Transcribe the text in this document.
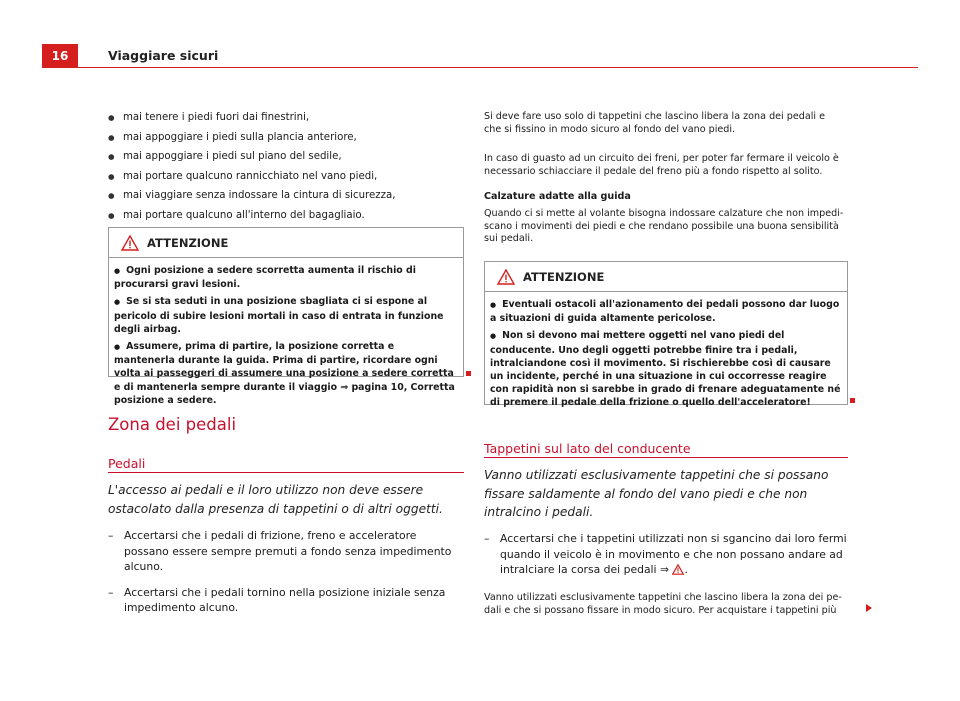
16	Viaggiare sicuri
● mai tenere i piedi fuori dai finestrini,
● mai appoggiare i piedi sulla plancia anteriore,
● mai appoggiare i piedi sul piano del sedile,
● mai portare qualcuno rannicchiato nel vano piedi,
● mai viaggiare senza indossare la cintura di sicurezza,
● mai portare qualcuno all'interno del bagagliaio.
ATTENZIONE
● Ogni posizione a sedere scorretta aumenta il rischio di procurarsi gravi lesioni.
● Se si sta seduti in una posizione sbagliata ci si espone al pericolo di subire lesioni mortali in caso di entrata in funzione degli airbag.
● Assumere, prima di partire, la posizione corretta e mantenerla durante la guida. Prima di partire, ricordare ogni volta ai passeggeri di assumere una posizione a sedere corretta e di mantenerla sempre durante il viaggio ⇒ pagina 10, Corretta posizione a sedere.
Zona dei pedali
Pedali
L'accesso ai pedali e il loro utilizzo non deve essere ostacolato dalla presenza di tappetini o di altri oggetti.
– Accertarsi che i pedali di frizione, freno e acceleratore possano essere sempre premuti a fondo senza impedimento alcuno.
– Accertarsi che i pedali tornino nella posizione iniziale senza impedimento alcuno.

Si deve fare uso solo di tappetini che lascino libera la zona dei pedali e che si fissino in modo sicuro al fondo del vano piedi.

In caso di guasto ad un circuito dei freni, per poter far fermare il veicolo è necessario schiacciare il pedale del freno più a fondo rispetto al solito.

Calzature adatte alla guida

Quando ci si mette al volante bisogna indossare calzature che non impediscano i movimenti dei piedi e che rendano possibile una buona sensibilità sui pedali.

ATTENZIONE
● Eventuali ostacoli all'azionamento dei pedali possono dar luogo a situazioni di guida altamente pericolose.
● Non si devono mai mettere oggetti nel vano piedi del conducente. Uno degli oggetti potrebbe finire tra i pedali, intralciandone così il movimento. Si rischierebbe così di causare un incidente, perché in una situazione in cui occorresse reagire con rapidità non si sarebbe in grado di frenare adeguatamente né di premere il pedale della frizione o quello dell'acceleratore!
Tappetini sul lato del conducente
Vanno utilizzati esclusivamente tappetini che si possano fissare saldamente al fondo del vano piedi e che non intralcino i pedali.
– Accertarsi che i tappetini utilizzati non si sgancino dai loro fermi quando il veicolo è in movimento e che non possano andare ad intralciare la corsa dei pedali ⇒ .

Vanno utilizzati esclusivamente tappetini che lascino libera la zona dei pedali e che si possano fissare in modo sicuro. Per acquistare i tappetini più
